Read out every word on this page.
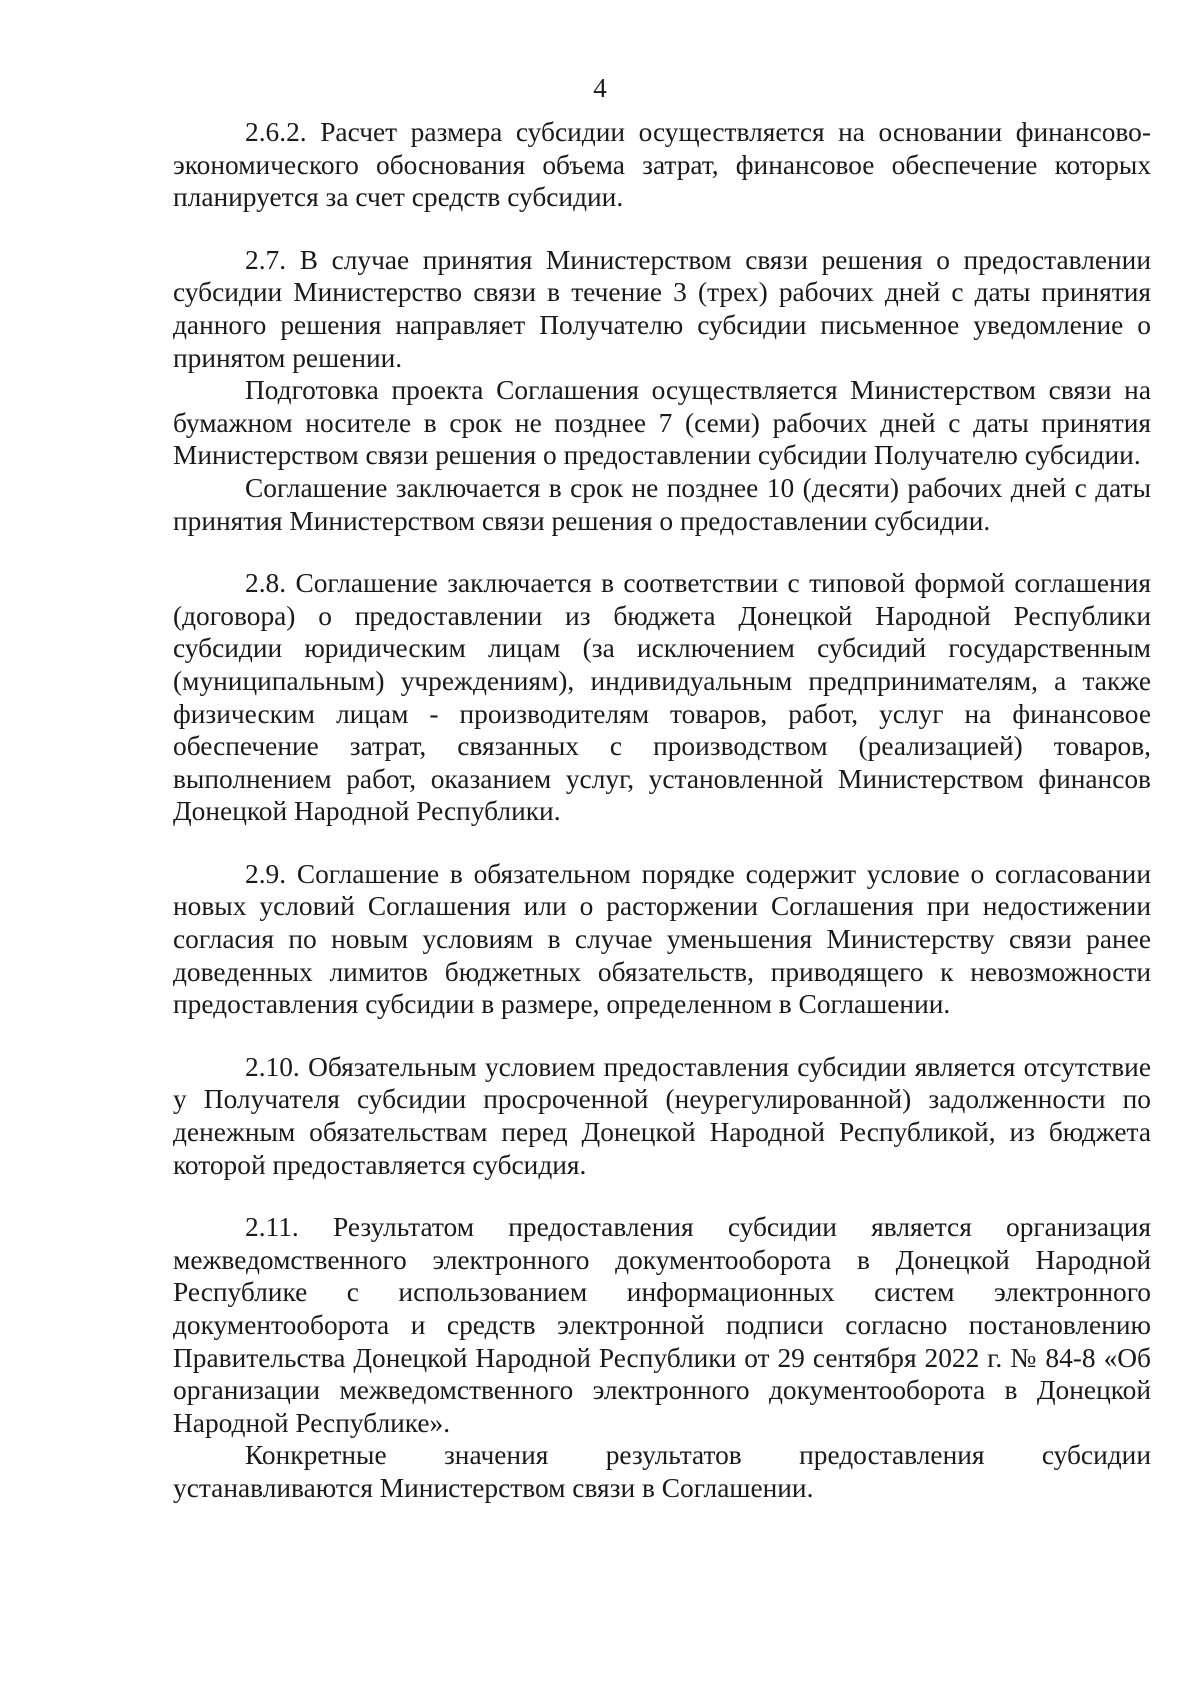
4

2.6.2. Расчет размера субсидии осуществляется на основании финансово-экономического обоснования объема затрат, финансовое обеспечение которых планируется за счет средств субсидии.

2.7. В случае принятия Министерством связи решения о предоставлении субсидии Министерство связи в течение 3 (трех) рабочих дней с даты принятия данного решения направляет Получателю субсидии письменное уведомление о принятом решении.

Подготовка проекта Соглашения осуществляется Министерством связи на бумажном носителе в срок не позднее 7 (семи) рабочих дней с даты принятия Министерством связи решения о предоставлении субсидии Получателю субсидии.

Соглашение заключается в срок не позднее 10 (десяти) рабочих дней с даты принятия Министерством связи решения о предоставлении субсидии.

2.8. Соглашение заключается в соответствии с типовой формой соглашения (договора) о предоставлении из бюджета Донецкой Народной Республики субсидии юридическим лицам (за исключением субсидий государственным (муниципальным) учреждениям), индивидуальным предпринимателям, а также физическим лицам - производителям товаров, работ, услуг на финансовое обеспечение затрат, связанных с производством (реализацией) товаров, выполнением работ, оказанием услуг, установленной Министерством финансов Донецкой Народной Республики.

2.9. Соглашение в обязательном порядке содержит условие о согласовании новых условий Соглашения или о расторжении Соглашения при недостижении согласия по новым условиям в случае уменьшения Министерству связи ранее доведенных лимитов бюджетных обязательств, приводящего к невозможности предоставления субсидии в размере, определенном в Соглашении.

2.10. Обязательным условием предоставления субсидии является отсутствие у Получателя субсидии просроченной (неурегулированной) задолженности по денежным обязательствам перед Донецкой Народной Республикой, из бюджета которой предоставляется субсидия.

2.11. Результатом предоставления субсидии является организация межведомственного электронного документооборота в Донецкой Народной Республике с использованием информационных систем электронного документооборота и средств электронной подписи согласно постановлению Правительства Донецкой Народной Республики от 29 сентября 2022 г. № 84-8 «Об организации межведомственного электронного документооборота в Донецкой Народной Республике».

Конкретные значения результатов предоставления субсидии устанавливаются Министерством связи в Соглашении.
